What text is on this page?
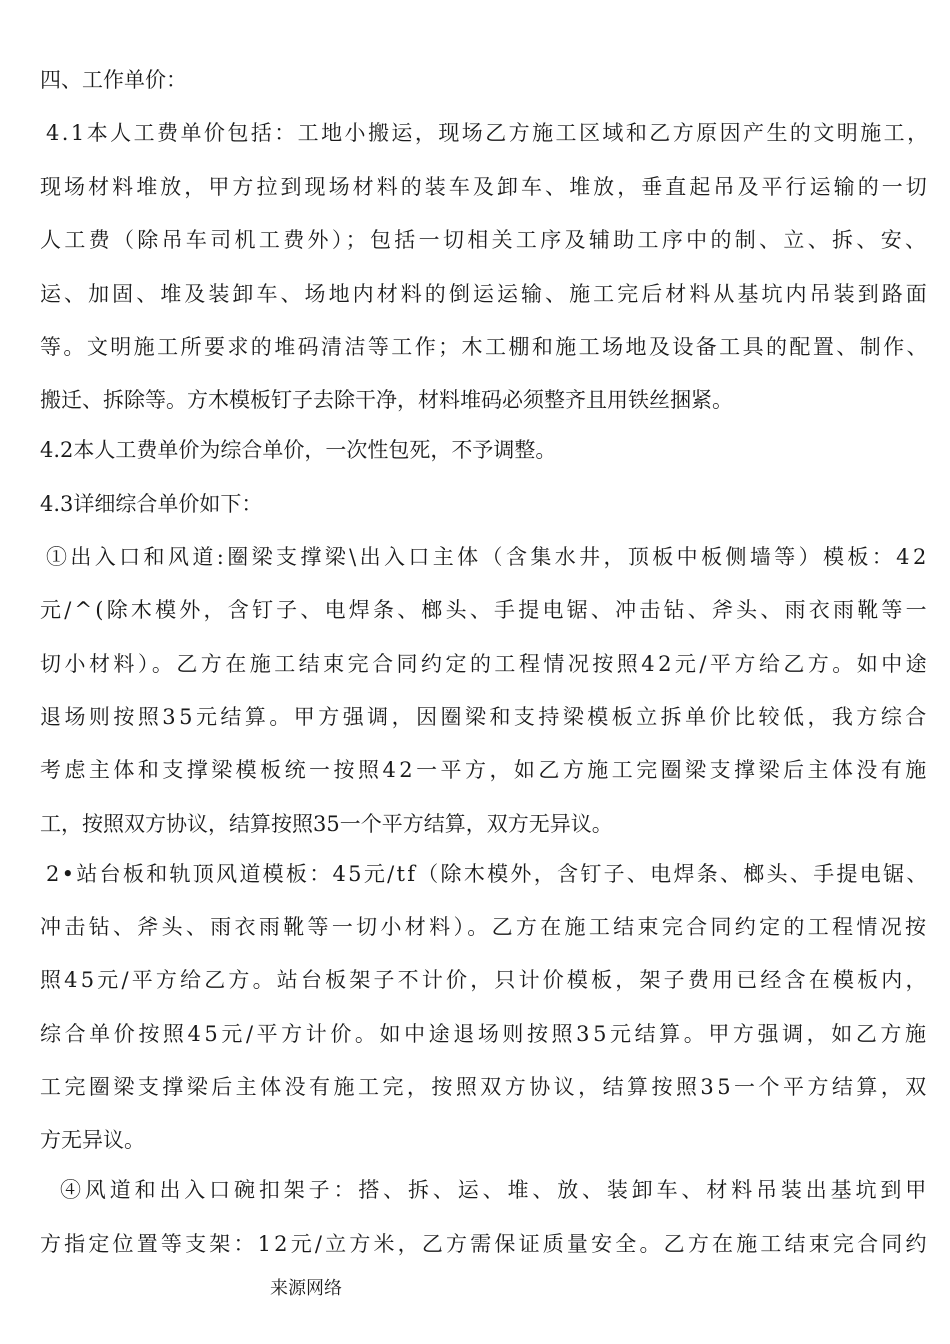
四、工作单价：
4.1本人工费单价包括：工地小搬运，现场乙方施工区域和乙方原因产生的文明施工，
现场材料堆放，甲方拉到现场材料的装车及卸车、堆放，垂直起吊及平行运输的一切
人工费（除吊车司机工费外）；包括一切相关工序及辅助工序中的制、立、拆、安、
运、加固、堆及装卸车、场地内材料的倒运运输、施工完后材料从基坑内吊装到路面
等。文明施工所要求的堆码清洁等工作；木工棚和施工场地及设备工具的配置、制作、
搬迁、拆除等。方木模板钉子去除干净，材料堆码必须整齐且用铁丝捆紧。
4.2本人工费单价为综合单价，一次性包死，不予调整。
4.3详细综合单价如下：
①出入口和风道:圈梁支撑梁\出入口主体（含集水井，顶板中板侧墙等）模板：42
元/^(除木模外，含钉子、电焊条、榔头、手提电锯、冲击钻、斧头、雨衣雨靴等一
切小材料）。乙方在施工结束完合同约定的工程情况按照42元/平方给乙方。如中途
退场则按照35元结算。甲方强调，因圈梁和支持梁模板立拆单价比较低，我方综合
考虑主体和支撑梁模板统一按照42一平方，如乙方施工完圈梁支撑梁后主体没有施
工，按照双方协议，结算按照35一个平方结算，双方无异议。
2•站台板和轨顶风道模板：45元/tf（除木模外，含钉子、电焊条、榔头、手提电锯、
冲击钻、斧头、雨衣雨靴等一切小材料）。乙方在施工结束完合同约定的工程情况按
照45元/平方给乙方。站台板架子不计价，只计价模板，架子费用已经含在模板内，
综合单价按照45元/平方计价。如中途退场则按照35元结算。甲方强调，如乙方施
工完圈梁支撑梁后主体没有施工完，按照双方协议，结算按照35一个平方结算，双
方无异议。
④风道和出入口碗扣架子：搭、拆、运、堆、放、装卸车、材料吊装出基坑到甲
方指定位置等支架：12元/立方米，乙方需保证质量安全。乙方在施工结束完合同约
来源网络
